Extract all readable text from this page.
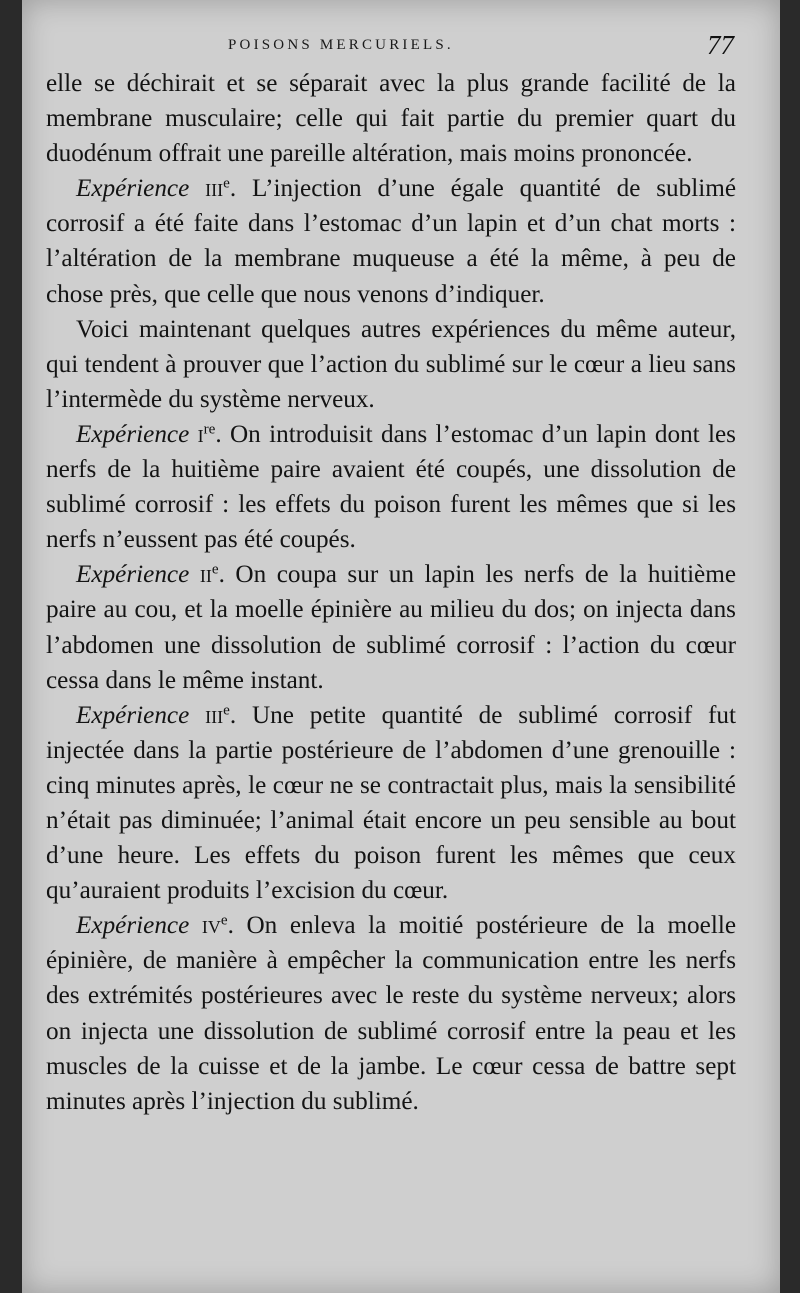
POISONS MERCURIELS.	77

elle se déchirait et se séparait avec la plus grande facilité de la membrane musculaire; celle qui fait partie du premier quart du duodénum offrait une pareille altération, mais moins prononcée.

Expérience iii$^e$. L’injection d’une égale quantité de sublimé corrosif a été faite dans l’estomac d’un lapin et d’un chat morts : l’altération de la membrane muqueuse a été la même, à peu de chose près, que celle que nous venons d’indiquer.

Voici maintenant quelques autres expériences du même auteur, qui tendent à prouver que l’action du sublimé sur le cœur a lieu sans l’intermède du système nerveux.

Expérience $i^{re}$. On introduisit dans l’estomac d’un lapin dont les nerfs de la huitième paire avaient été coupés, une dissolution de sublimé corrosif : les effets du poison furent les mêmes que si les nerfs n’eussent pas été coupés.

Expérience $ii^e$. On coupa sur un lapin les nerfs de la huitième paire au cou, et la moelle épinière au milieu du dos; on injecta dans l’abdomen une dissolution de sublimé corrosif : l’action du cœur cessa dans le même instant.

Expérience iii$^e$. Une petite quantité de sublimé corrosif fut injectée dans la partie postérieure de l’abdomen d’une grenouille : cinq minutes après, le cœur ne se contractait plus, mais la sensibilité n’était pas diminuée; l’animal était encore un peu sensible au bout d’une heure. Les effets du poison furent les mêmes que ceux qu’auraient produits l’excision du cœur.

Expérience $iv^e$. On enleva la moitié postérieure de la moelle épinière, de manière à empêcher la communication entre les nerfs des extrémités postérieures avec le reste du système nerveux; alors on injecta une dissolution de sublimé corrosif entre la peau et les muscles de la cuisse et de la jambe. Le cœur cessa de battre sept minutes après l’injection du sublimé.
